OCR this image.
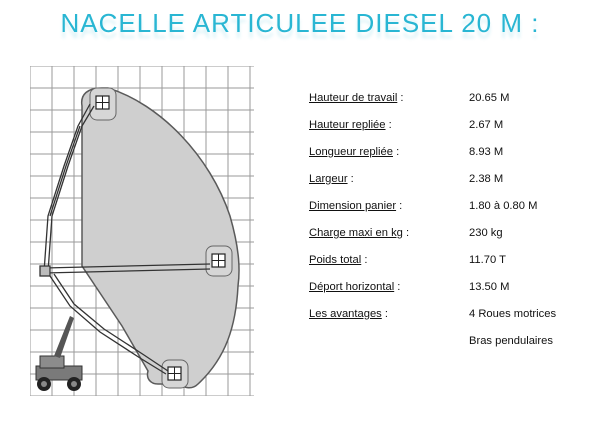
NACELLE ARTICULEE DIESEL 20 M :
Hauteur de travail :	20.65 M
Hauteur repliée :	2.67 M
Longueur repliée :	8.93 M
Largeur :	2.38 M
Dimension panier :	1.80 à 0.80 M
Charge maxi en kg :	230 kg
Poids total :	11.70 T
Déport horizontal :	13.50 M
Les avantages :	4 Roues motrices
Bras pendulaires
